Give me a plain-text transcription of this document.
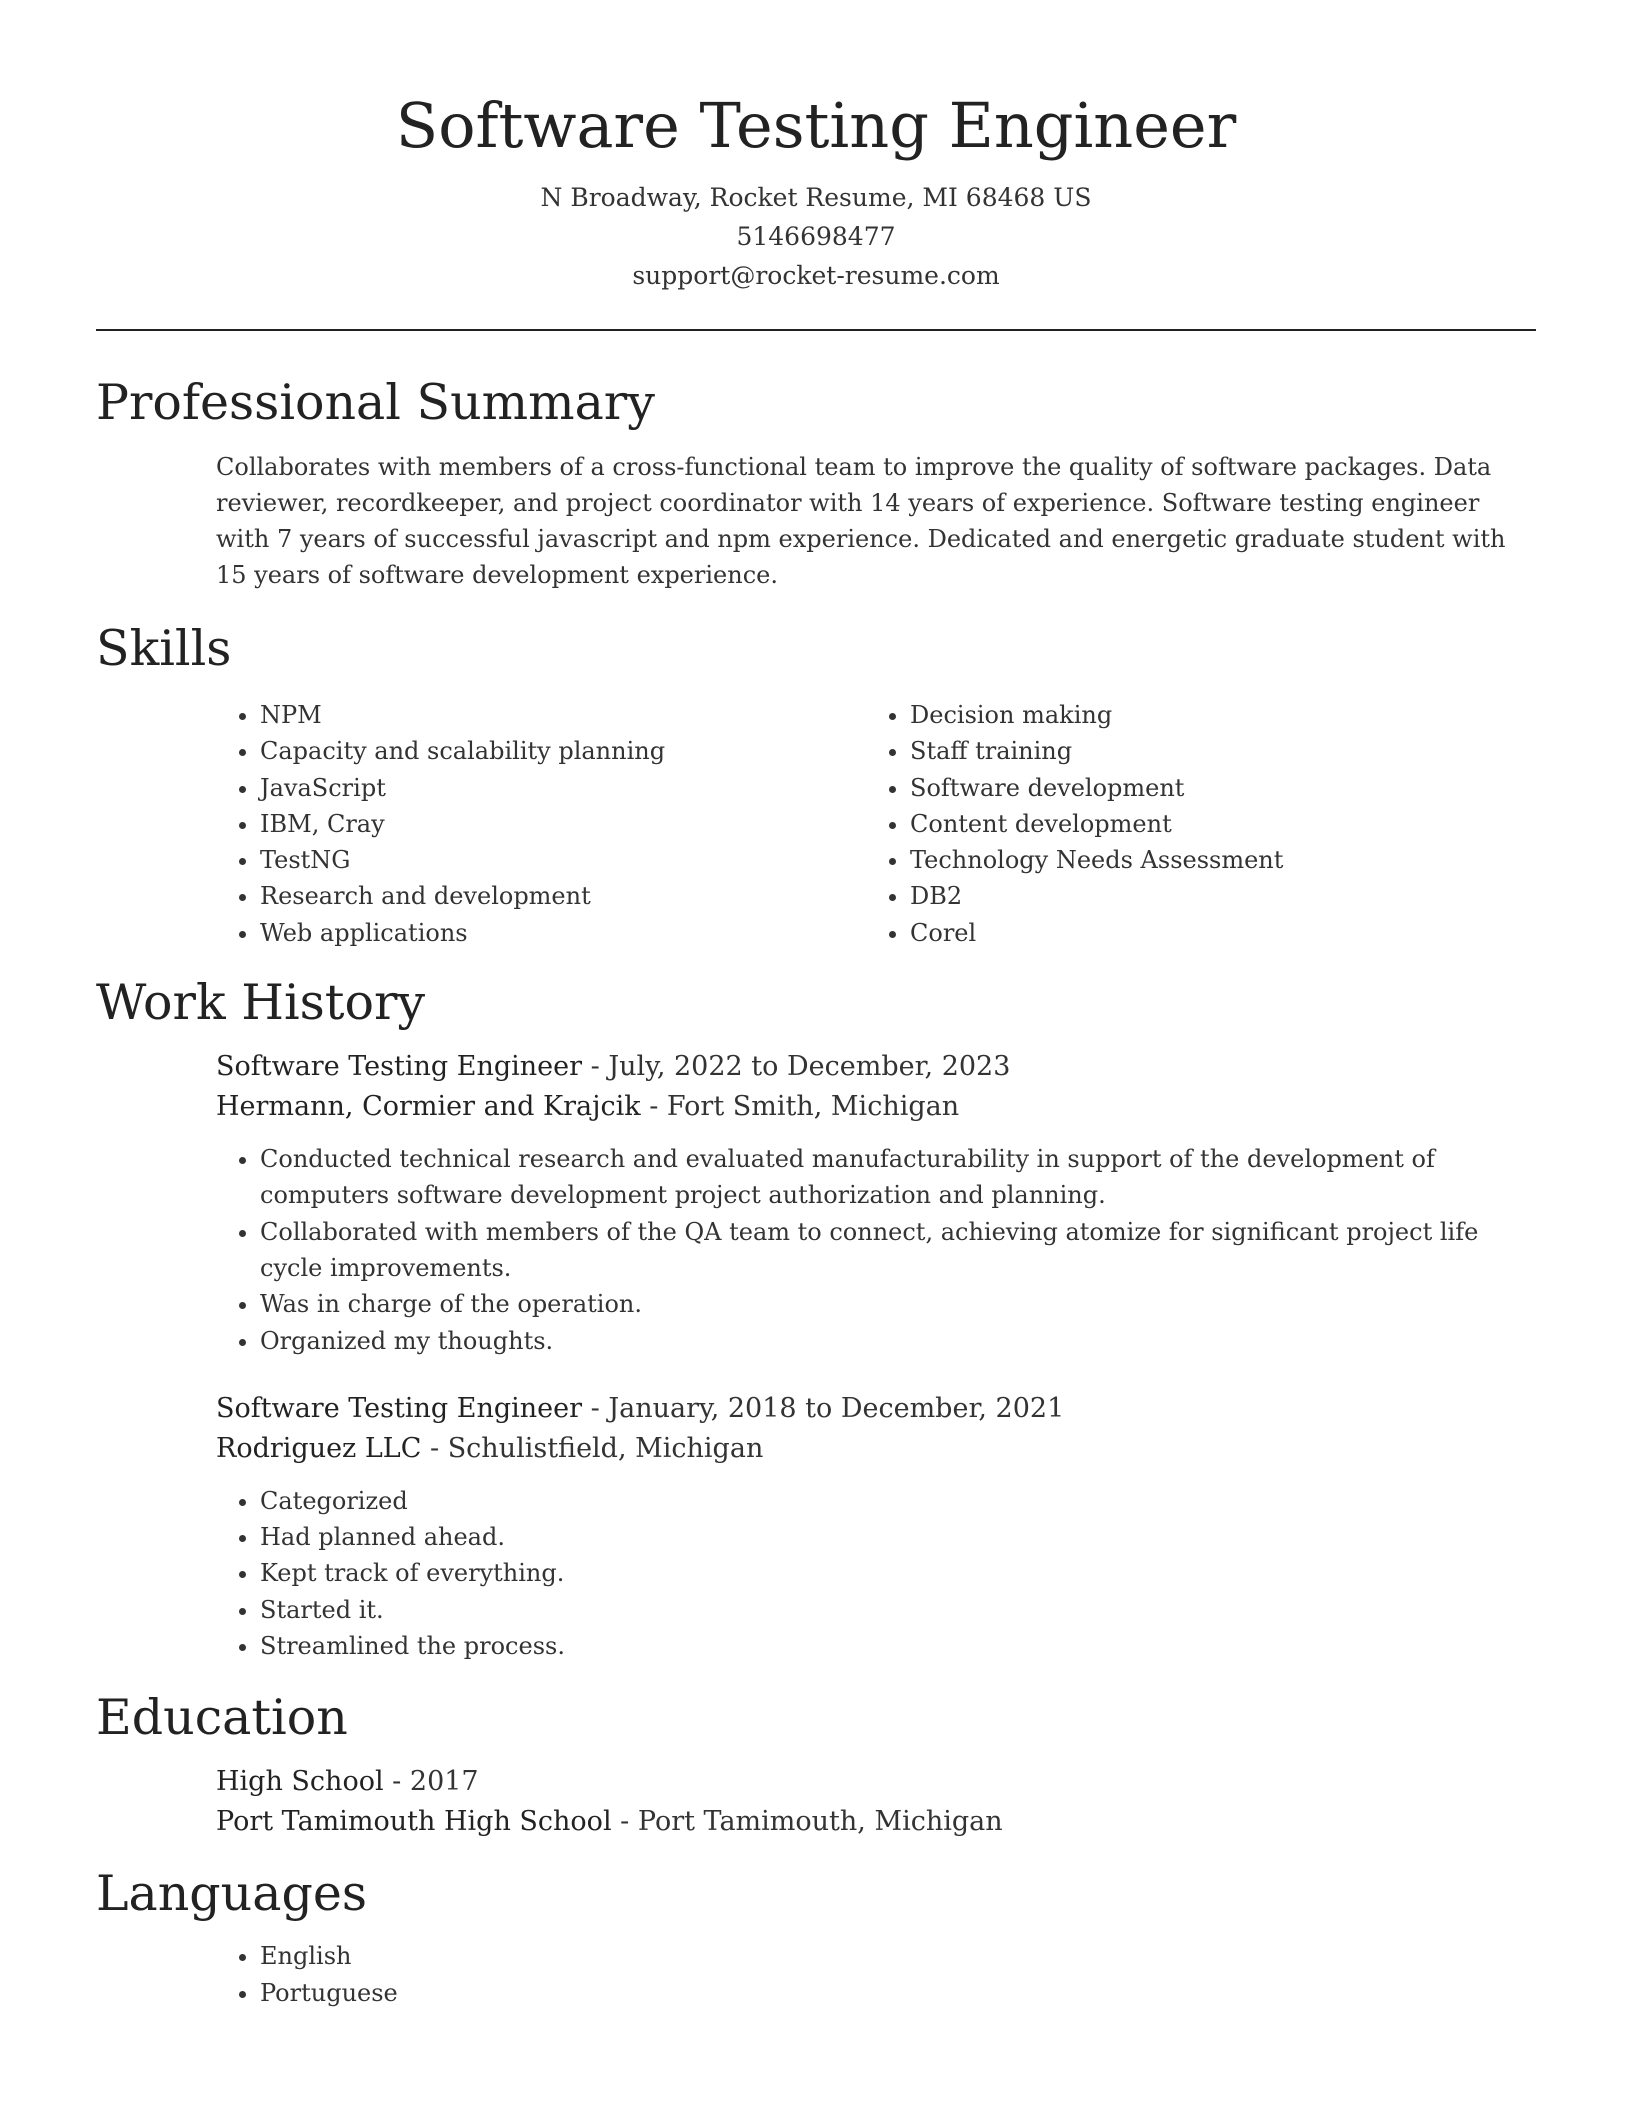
Software Testing Engineer

N Broadway, Rocket Resume, MI 68468 US

5146698477

support@rocket-resume.com

Professional Summary

Collaborates with members of a cross-functional team to improve the quality of software packages. Data reviewer, recordkeeper, and project coordinator with 14 years of experience. Software testing engineer with 7 years of successful javascript and npm experience. Dedicated and energetic graduate student with 15 years of software development experience.

Skills
• NPM
• Capacity and scalability planning
• JavaScript
• IBM, Cray
• TestNG
• Research and development
• Web applications
• Decision making
• Staff training
• Software development
• Content development
• Technology Needs Assessment
• DB2
• Corel
Work History

Software Testing Engineer - July, 2022 to December, 2023

Hermann, Cormier and Krajcik - Fort Smith, Michigan

• Conducted technical research and evaluated manufacturability in support of the development of computers software development project authorization and planning.
• Collaborated with members of the QA team to connect, achieving atomize for significant project life cycle improvements.
• Was in charge of the operation.
• Organized my thoughts.

Software Testing Engineer - January, 2018 to December, 2021

Rodriguez LLC - Schulistfield, Michigan

• Categorized
• Had planned ahead.
• Kept track of everything.
• Started it.
• Streamlined the process.
Education

High School - 2017

Port Tamimouth High School - Port Tamimouth, Michigan

Languages
• English
• Portuguese
